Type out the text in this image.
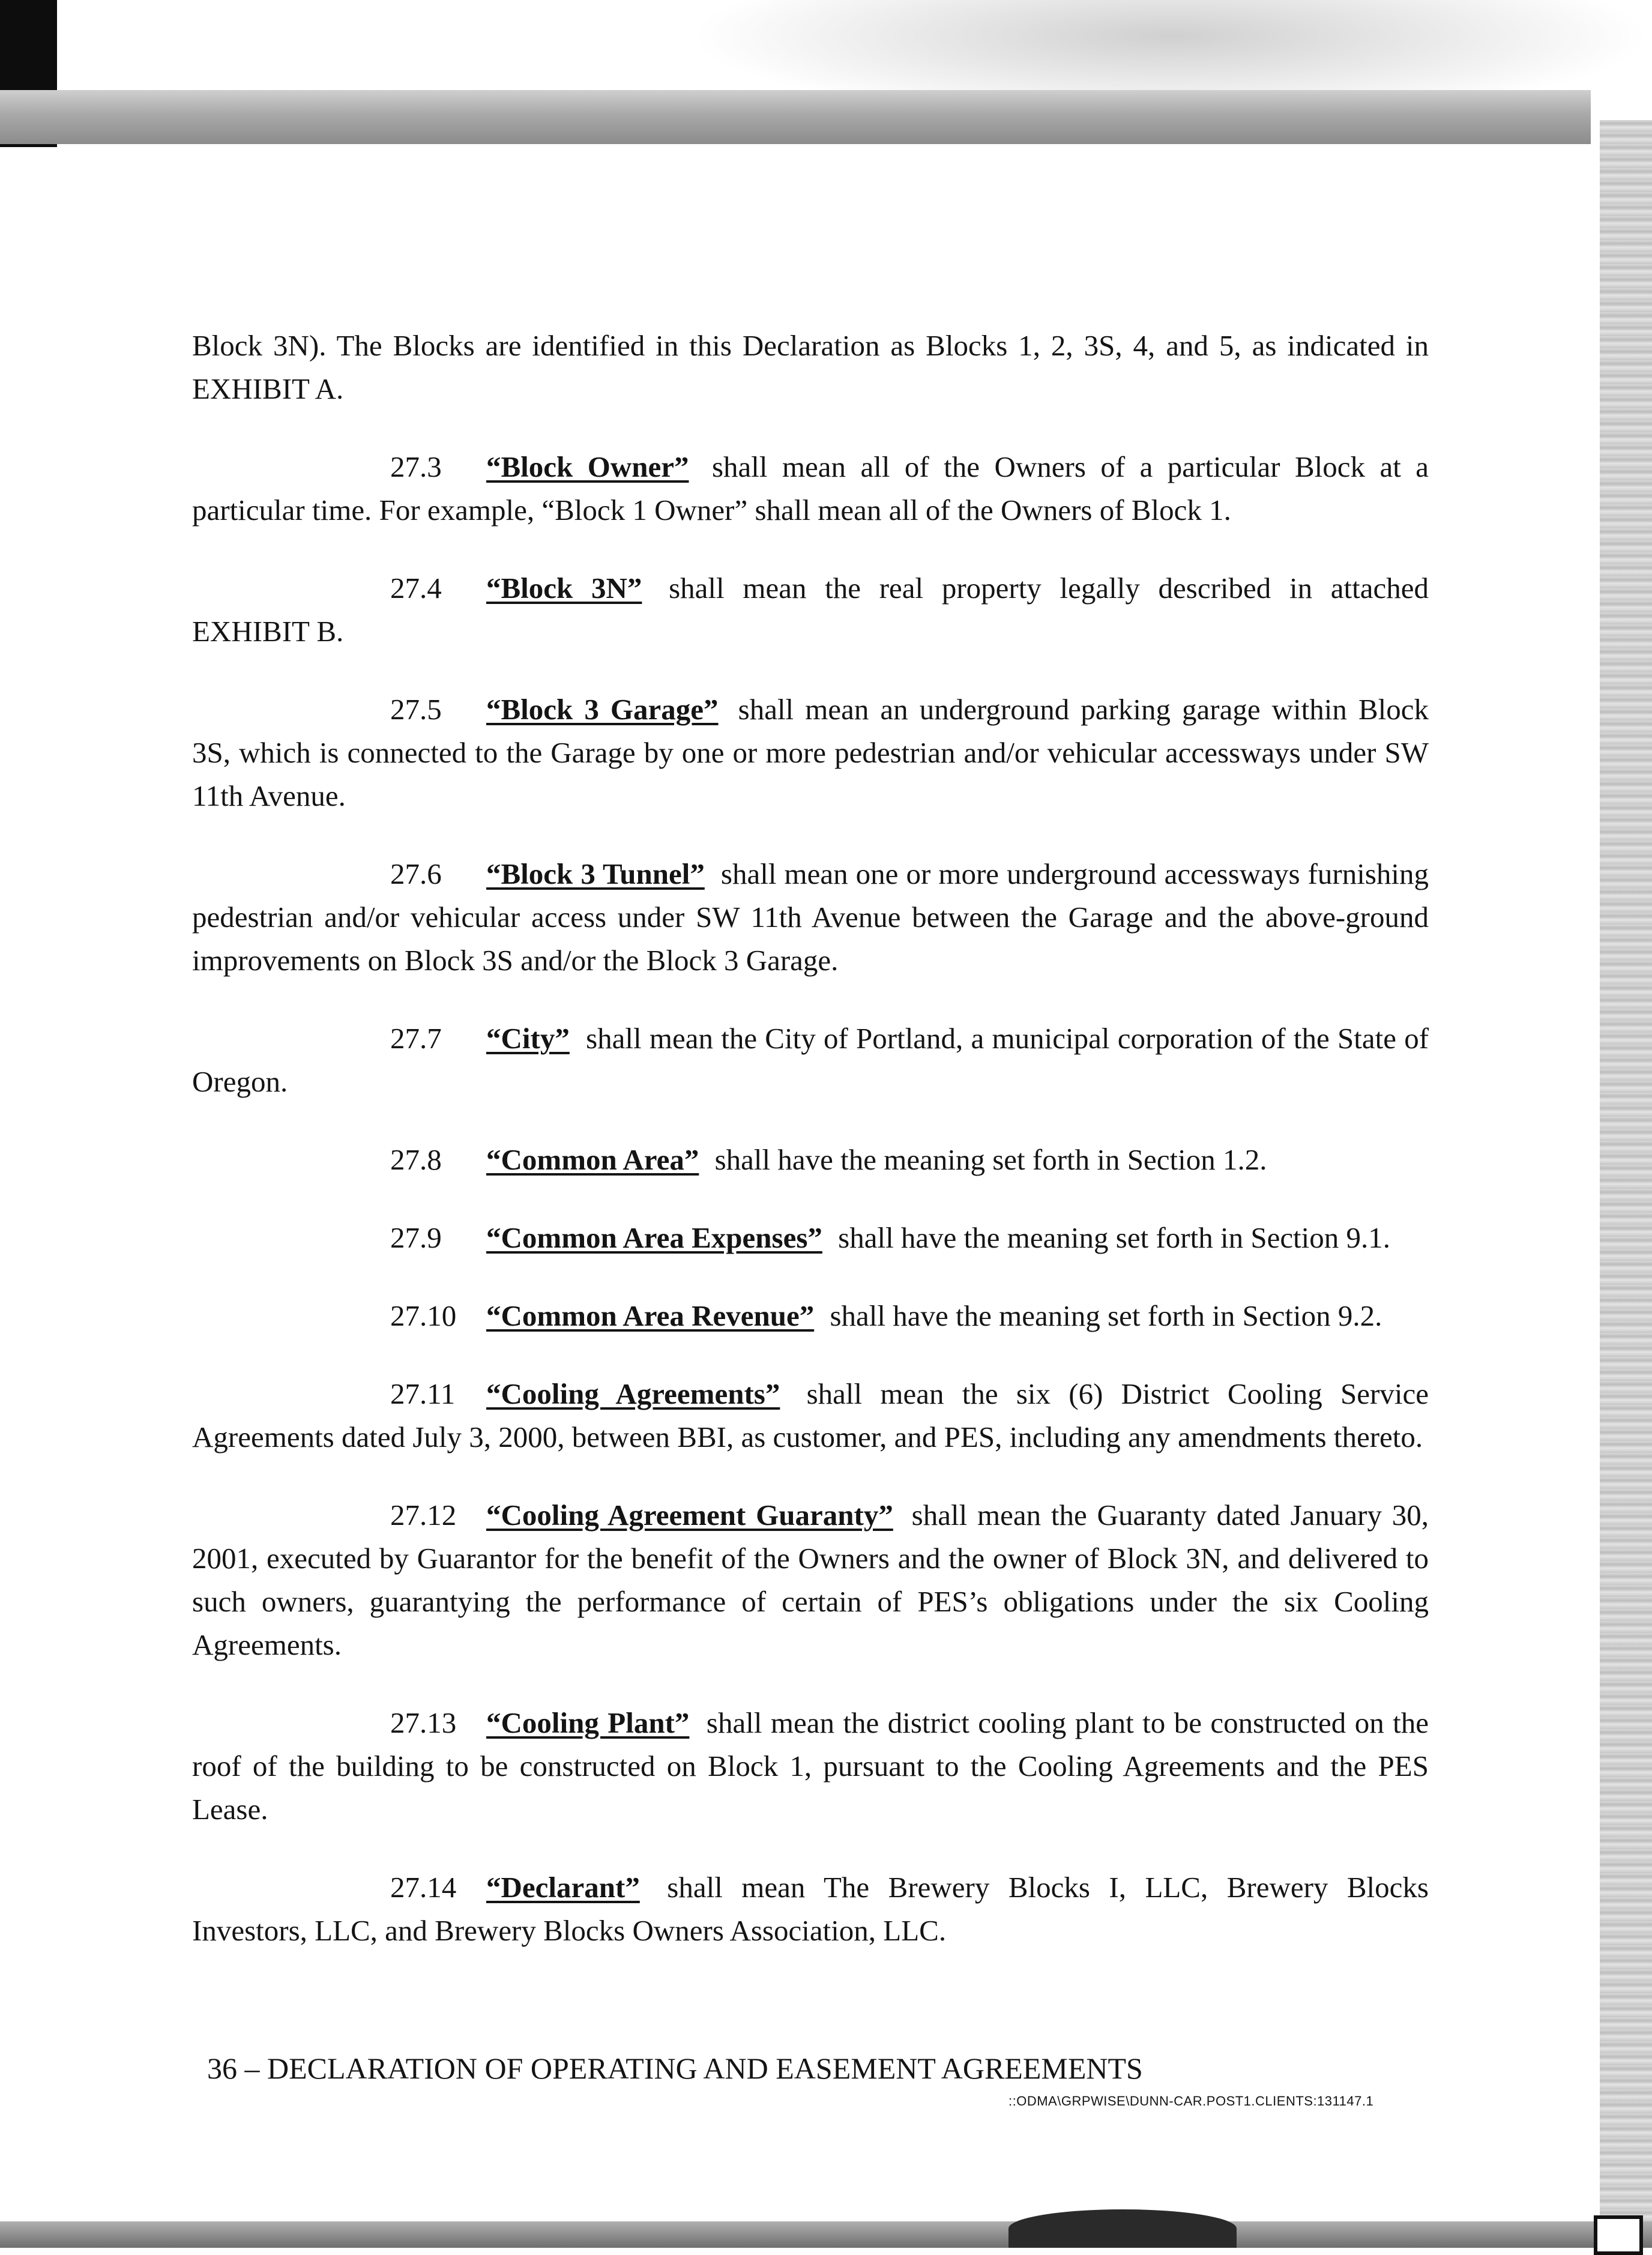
Block 3N). The Blocks are identified in this Declaration as Blocks 1, 2, 3S, 4, and 5, as indicated in EXHIBIT A.

27.3 “Block Owner” shall mean all of the Owners of a particular Block at a particular time. For example, “Block 1 Owner” shall mean all of the Owners of Block 1.

27.4 “Block 3N” shall mean the real property legally described in attached EXHIBIT B.

27.5 “Block 3 Garage” shall mean an underground parking garage within Block 3S, which is connected to the Garage by one or more pedestrian and/or vehicular accessways under SW 11th Avenue.

27.6 “Block 3 Tunnel” shall mean one or more underground accessways furnishing pedestrian and/or vehicular access under SW 11th Avenue between the Garage and the above-ground improvements on Block 3S and/or the Block 3 Garage.

27.7 “City” shall mean the City of Portland, a municipal corporation of the State of Oregon.

27.8 “Common Area” shall have the meaning set forth in Section 1.2.

27.9 “Common Area Expenses” shall have the meaning set forth in Section 9.1.

27.10 “Common Area Revenue” shall have the meaning set forth in Section 9.2.

27.11 “Cooling Agreements” shall mean the six (6) District Cooling Service Agreements dated July 3, 2000, between BBI, as customer, and PES, including any amendments thereto.

27.12 “Cooling Agreement Guaranty” shall mean the Guaranty dated January 30, 2001, executed by Guarantor for the benefit of the Owners and the owner of Block 3N, and delivered to such owners, guarantying the performance of certain of PES’s obligations under the six Cooling Agreements.

27.13 “Cooling Plant” shall mean the district cooling plant to be constructed on the roof of the building to be constructed on Block 1, pursuant to the Cooling Agreements and the PES Lease.

27.14 “Declarant” shall mean The Brewery Blocks I, LLC, Brewery Blocks Investors, LLC, and Brewery Blocks Owners Association, LLC.

36 – DECLARATION OF OPERATING AND EASEMENT AGREEMENTS
::ODMA\GRPWISE\DUNN-CAR.POST1.CLIENTS:131147.1
